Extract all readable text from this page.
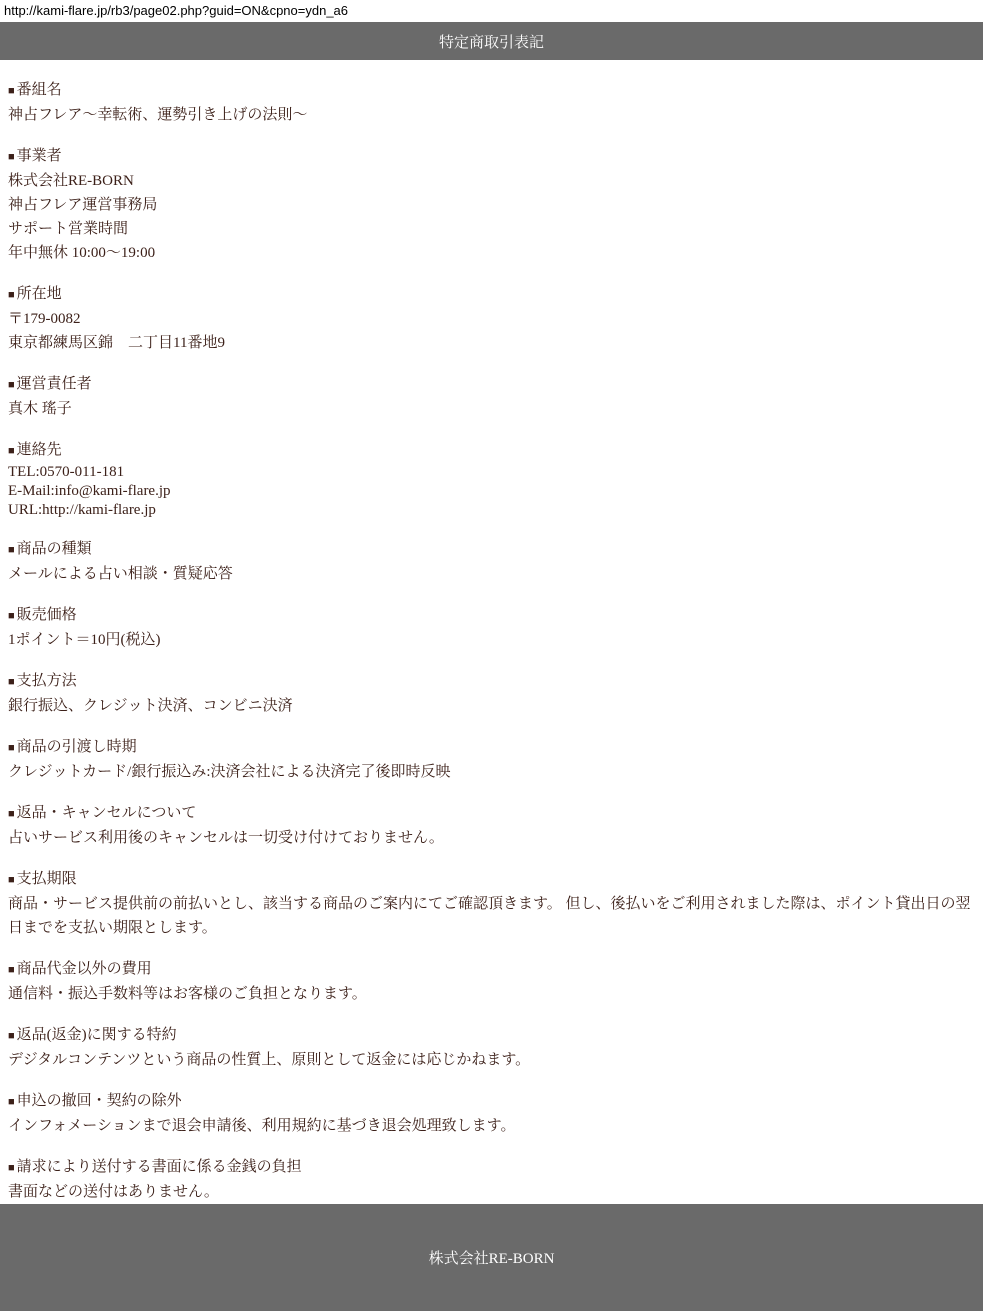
http://kami-flare.jp/rb3/page02.php?guid=ON&cpno=ydn_a6
特定商取引表記
■ 番組名
神占フレア～幸転術、運勢引き上げの法則～
■ 事業者
株式会社RE-BORN
神占フレア運営事務局
サポート営業時間
年中無休 10:00～19:00
■ 所在地
〒179-0082
東京都練馬区錦　二丁目11番地9
■ 運営責任者
真木 瑤子
■ 連絡先
TEL:0570-011-181
E-Mail:info@kami-flare.jp
URL:http://kami-flare.jp
■ 商品の種類
メールによる占い相談・質疑応答
■ 販売価格
1ポイント＝10円(税込)
■ 支払方法
銀行振込、クレジット決済、コンビニ決済
■ 商品の引渡し時期
クレジットカード/銀行振込み:決済会社による決済完了後即時反映
■ 返品・キャンセルについて
占いサービス利用後のキャンセルは一切受け付けておりません。
■ 支払期限
商品・サービス提供前の前払いとし、該当する商品のご案内にてご確認頂きます。 但し、後払いをご利用されました際は、ポイント貸出日の翌日までを支払い期限とします。
■ 商品代金以外の費用
通信料・振込手数料等はお客様のご負担となります。
■ 返品(返金)に関する特約
デジタルコンテンツという商品の性質上、原則として返金には応じかねます。
■ 申込の撤回・契約の除外
インフォメーションまで退会申請後、利用規約に基づき退会処理致します。
■ 請求により送付する書面に係る金銭の負担
書面などの送付はありません。
株式会社RE-BORN
